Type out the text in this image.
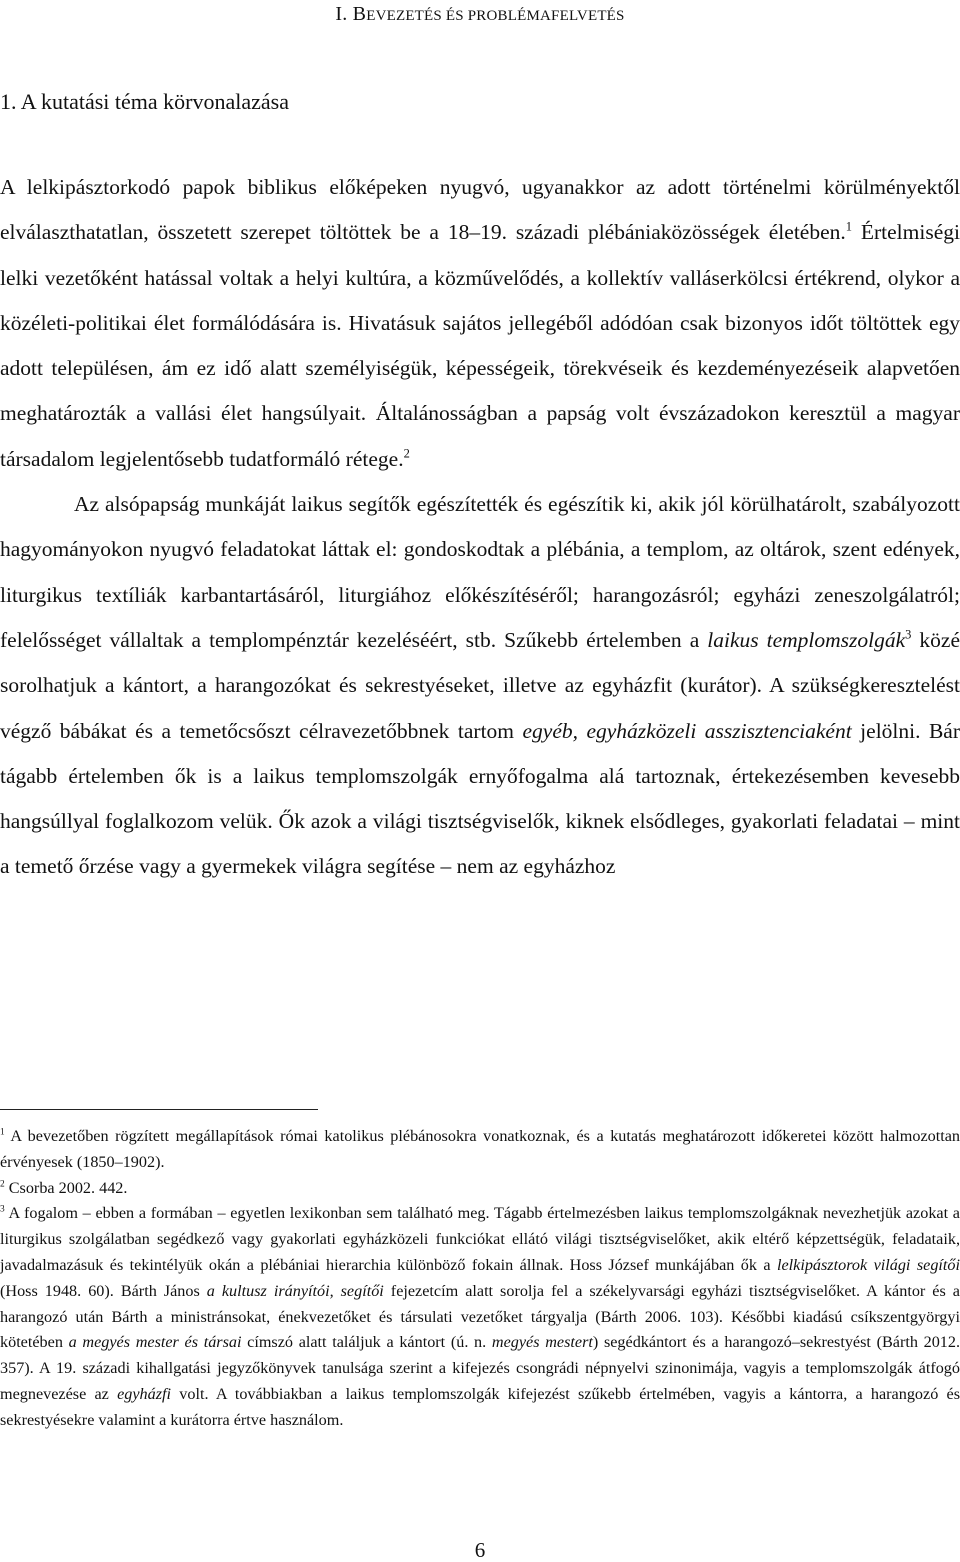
I. BEVEZETÉS ÉS PROBLÉMAFELVETÉS
1. A kutatási téma körvonalazása

A lelkipásztorkodó papok biblikus előképeken nyugvó, ugyanakkor az adott történelmi körülményektől elválaszthatatlan, összetett szerepet töltöttek be a 18–19. századi plébániaközösségek életében.$^1$ Értelmiségi lelki vezetőként hatással voltak a helyi kultúra, a közművelődés, a kollektív valláserkölcsi értékrend, olykor a közéleti-politikai élet formálódására is. Hivatásuk sajátos jellegéből adódóan csak bizonyos időt töltöttek egy adott településen, ám ez idő alatt személyiségük, képességeik, törekvéseik és kezdeményezéseik alapvetően meghatározták a vallási élet hangsúlyait. Általánosságban a papság volt évszázadokon keresztül a magyar társadalom legjelentősebb tudatformáló rétege.$^2$

Az alsópapság munkáját laikus segítők egészítették és egészítik ki, akik jól körülhatárolt, szabályozott hagyományokon nyugvó feladatokat láttak el: gondoskodtak a plébánia, a templom, az oltárok, szent edények, liturgikus textíliák karbantartásáról, liturgiához előkészítéséről; harangozásról; egyházi zeneszolgálatról; felelősséget vállaltak a templompénztár kezeléséért, stb. Szűkebb értelemben a laikus templomszolgák$^3$ közé sorolhatjuk a kántort, a harangozókat és sekrestyéseket, illetve az egyházfit (kurátor). A szükségkeresztelést végző bábákat és a temetőcsőszt célravezetőbbnek tartom egyéb, egyházközeli asszisztenciaként jelölni. Bár tágabb értelemben ők is a laikus templomszolgák ernyőfogalma alá tartoznak, értekezésemben kevesebb hangsúllyal foglalkozom velük. Ők azok a világi tisztségviselők, kiknek elsődleges, gyakorlati feladatai – mint a temető őrzése vagy a gyermekek világra segítése – nem az egyházhoz

$^1$ A bevezetőben rögzített megállapítások római katolikus plébánosokra vonatkoznak, és a kutatás meghatározott időkeretei között halmozottan érvényesek (1850–1902).

$^2$ Csorba 2002. 442.

$^3$ A fogalom – ebben a formában – egyetlen lexikonban sem található meg. Tágabb értelmezésben laikus templomszolgáknak nevezhetjük azokat a liturgikus szolgálatban segédkező vagy gyakorlati egyházközeli funkciókat ellátó világi tisztségviselőket, akik eltérő képzettségük, feladataik, javadalmazásuk és tekintélyük okán a plébániai hierarchia különböző fokain állnak. Hoss József munkájában ők a lelkipásztorok világi segítői (Hoss 1948. 60). Bárth János a kultusz irányítói, segítői fejezetcím alatt sorolja fel a székelyvarsági egyházi tisztségviselőket. A kántor és a harangozó után Bárth a ministránsokat, énekvezetőket és társulati vezetőket tárgyalja (Bárth 2006. 103). Későbbi kiadású csíkszentgyörgyi kötetében a megyés mester és társai címszó alatt találjuk a kántort (ú. n. megyés mestert) segédkántort és a harangozó–sekrestyést (Bárth 2012. 357). A 19. századi kihallgatási jegyzőkönyvek tanulsága szerint a kifejezés csongrádi népnyelvi szinonimája, vagyis a templomszolgák átfogó megnevezése az egyházfi volt. A továbbiakban a laikus templomszolgák kifejezést szűkebb értelmében, vagyis a kántorra, a harangozó és sekrestyésekre valamint a kurátorra értve használom.

6
